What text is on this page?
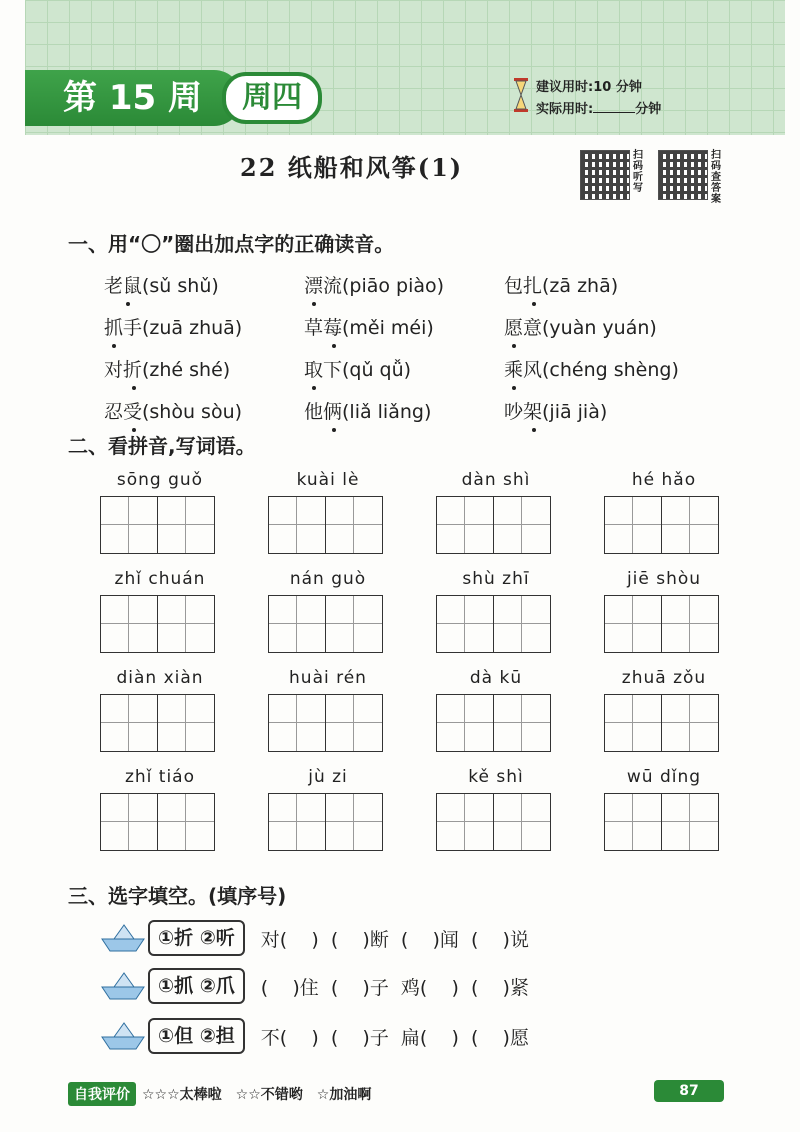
第 15 周	周四	建议用时:10 分钟
实际用时:	分钟
22 纸船和风筝(1)	扫码听写
扫码查答案
一、用“〇”圈出加点字的正确读音。
老鼠(sǔ shǔ)	漂流(piāo piào)	包扎(zā zhā)
抓手(zuā zhuā)	草莓(měi méi)	愿意(yuàn yuán)
对折(zhé shé)	取下(qǔ qǚ)	乘风(chéng shèng)
忍受(shòu sòu)	他俩(liǎ liǎng)	吵架(jiā jià)
二、看拼音,写词语。
sōng guǒ	kuài lè	dàn shì	hé hǎo
zhǐ chuán	nán guò	shù zhī	jiē shòu
diàn xiàn	huài rén	dà kū	zhuā zǒu
zhǐ tiáo	jù zi	kě shì	wū dǐng
三、选字填空。(填序号)
①折 ②听	对(    )  (    )断  (    )闻  (    )说
①抓 ②爪	(    )住  (    )子  鸡(    )  (    )紧
①但 ②担	不(    )  (    )子  扁(    )  (    )愿
自我评价 ☆☆☆太棒啦 ☆☆不错哟 ☆加油啊	87
